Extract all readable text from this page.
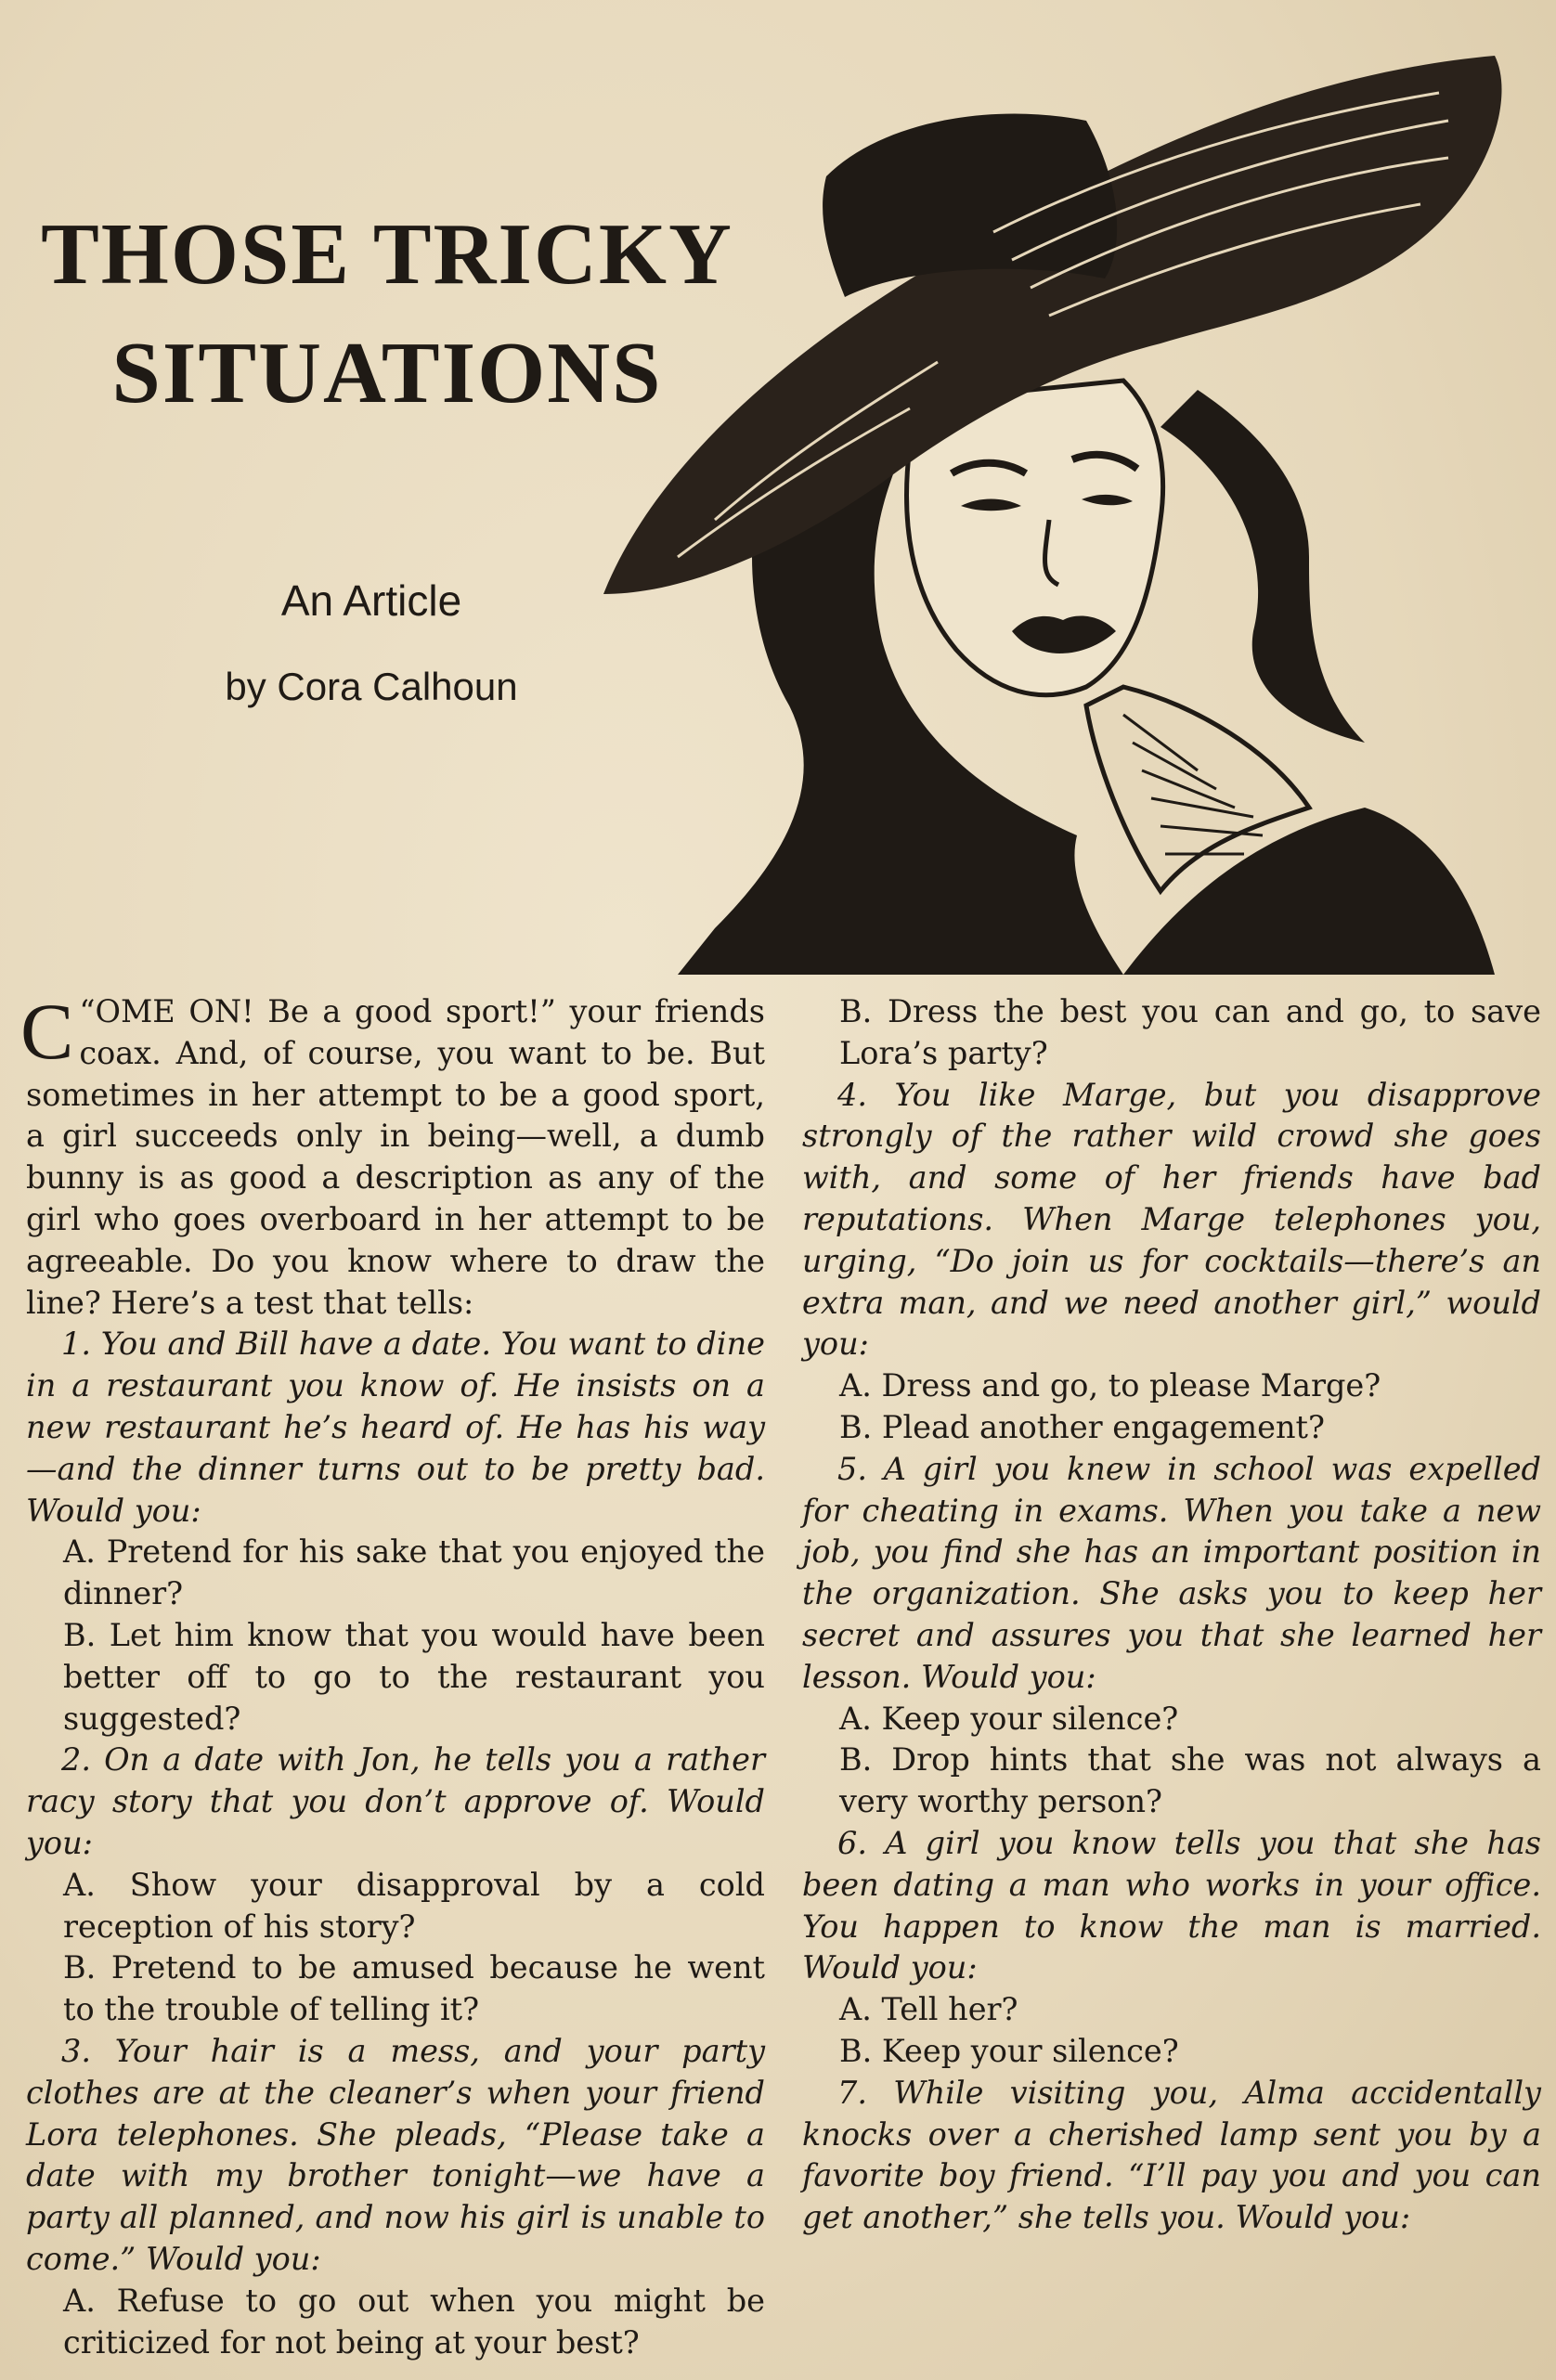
THOSE TRICKY
SITUATIONS
An Article
by Cora Calhoun

“
C OME ON! Be a good sport!” your friends coax. And, of course, you want to be. But sometimes in her attempt to be a good sport, a girl succeeds only in being—well, a dumb bunny is as good a description as any of the girl who goes overboard in her attempt to be agreeable. Do you know where to draw the line? Here’s a test that tells:

1. You and Bill have a date. You want to dine in a restaurant you know of. He insists on a new restaurant he’s heard of. He has his way—and the dinner turns out to be pretty bad. Would you:

A. Pretend for his sake that you enjoyed the dinner?

B. Let him know that you would have been better off to go to the restaurant you suggested?

2. On a date with Jon, he tells you a rather racy story that you don’t approve of. Would you:

A. Show your disapproval by a cold reception of his story?

B. Pretend to be amused because he went to the trouble of telling it?

3. Your hair is a mess, and your party clothes are at the cleaner’s when your friend Lora telephones. She pleads, “Please take a date with my brother tonight—we have a party all planned, and now his girl is unable to come.” Would you:

A. Refuse to go out when you might be criticized for not being at your best?

B. Dress the best you can and go, to save Lora’s party?

4. You like Marge, but you disapprove strongly of the rather wild crowd she goes with, and some of her friends have bad reputations. When Marge telephones you, urging, “Do join us for cocktails—there’s an extra man, and we need another girl,” would you:

A. Dress and go, to please Marge?

B. Plead another engagement?

5. A girl you knew in school was expelled for cheating in exams. When you take a new job, you find she has an important position in the organization. She asks you to keep her secret and assures you that she learned her lesson. Would you:

A. Keep your silence?

B. Drop hints that she was not always a very worthy person?

6. A girl you know tells you that she has been dating a man who works in your office. You happen to know the man is married. Would you:

A. Tell her?

B. Keep your silence?

7. While visiting you, Alma accidentally knocks over a cherished lamp sent you by a favorite boy friend. “I’ll pay you and you can get another,” she tells you. Would you:
